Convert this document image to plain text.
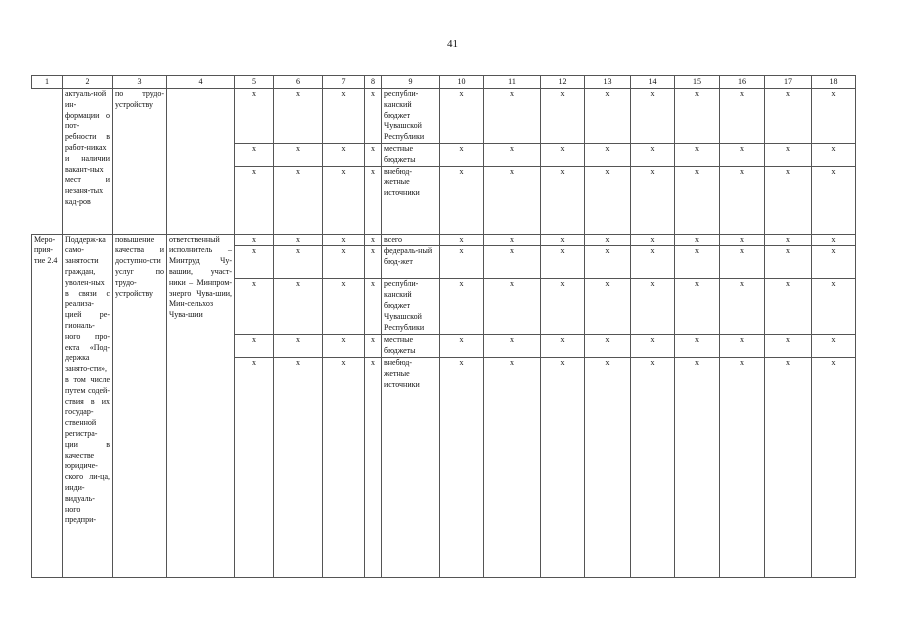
41
1	2	3	4	5	6	7	8	9	10	11	12	13	14	15	16	17	18
	актуаль-ной ин-формации о пот-ребности в работ-никах и наличии вакант-ных мест и незаня-тых кад-ров	по трудо-устройству		х	х	х	х	республи-канский бюджет Чувашской Республики	х	х	х	х	х	х	х	х	х
				х	х	х	х	местные бюджеты	х	х	х	х	х	х	х	х	х
				х	х	х	х	внебюд-жетные источники	х	х	х	х	х	х	х	х	х
Меро-прия-тие 2.4	Поддерж-ка само-занятости граждан, уволен-ных в связи с реализа-цией ре-гиональ-ного про-екта «Под-держка занято-сти», в том числе путем содей-ствия в их государ-ственной регистра-ции в качестве юридиче-ского ли-ца, инди-видуаль-ного предпри-	повышение качества и доступно-сти услуг по трудо-устройству	ответственный исполнитель – Минтруд Чу-вашии, участ-ники – Минпром-энерго Чува-шии, Мин-сельхоз Чува-шии	х	х	х	х	всего	х	х	х	х	х	х	х	х	х
				х	х	х	х	федераль-ный бюд-жет	х	х	х	х	х	х	х	х	х
				х	х	х	х	республи-канский бюджет Чувашской Республики	х	х	х	х	х	х	х	х	х
				х	х	х	х	местные бюджеты	х	х	х	х	х	х	х	х	х
				х	х	х	х	внебюд-жетные источники	х	х	х	х	х	х	х	х	х
